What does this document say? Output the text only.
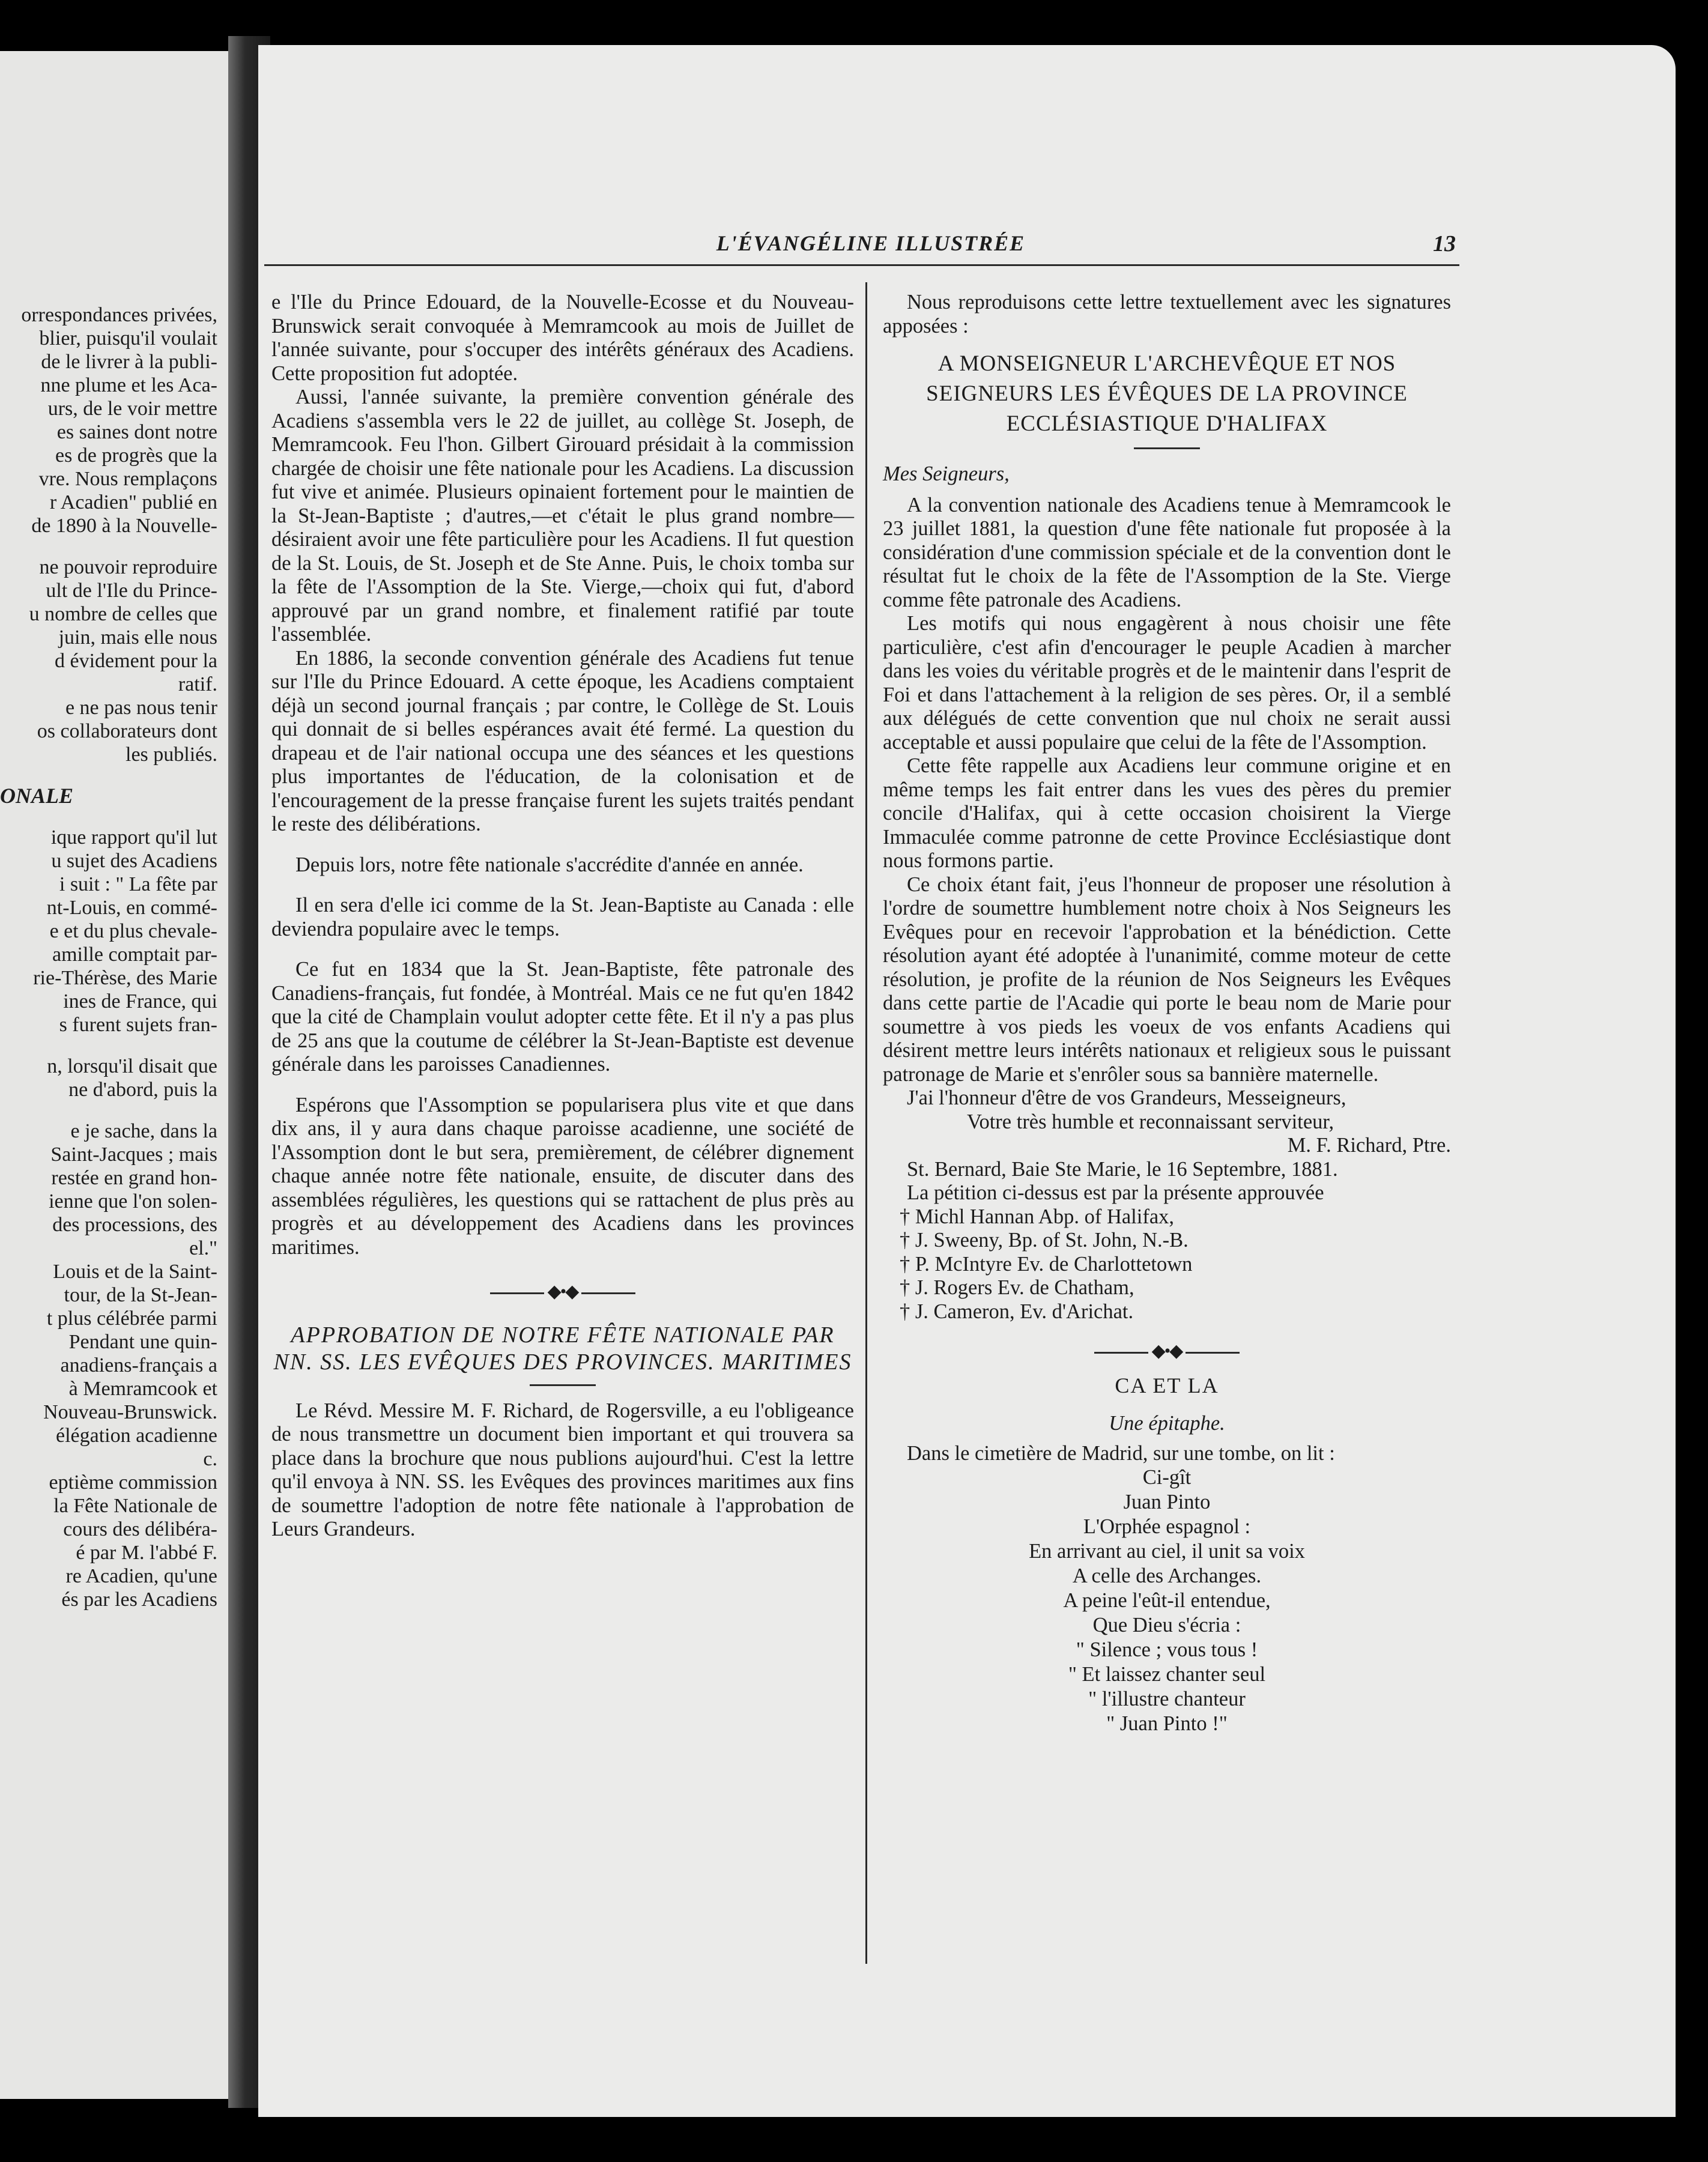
orrespondances privées,
blier, puisqu'il voulait
de le livrer à la publi-
nne plume et les Aca-
urs, de le voir mettre
es saines dont notre
es de progrès que la
vre. Nous remplaçons
r Acadien" publié en
de 1890 à la Nouvelle-
ne pouvoir reproduire
ult de l'Ile du Prince-
u nombre de celles que
juin, mais elle nous
d évidement pour la
ratif.
e ne pas nous tenir
os collaborateurs dont
les publiés.
ONALE
ique rapport qu'il lut
u sujet des Acadiens
i suit : " La fête par
nt-Louis, en commé-
e et du plus chevale-
amille comptait par-
rie-Thérèse, des Marie
ines de France, qui
s furent sujets fran-
n, lorsqu'il disait que
ne d'abord, puis la
e je sache, dans la
Saint-Jacques ; mais
restée en grand hon-
ienne que l'on solen-
des processions, des
el."
Louis et de la Saint-
tour, de la St-Jean-
t plus célébrée parmi
Pendant une quin-
anadiens-français a
à Memramcook et
Nouveau-Brunswick.
élégation acadienne
c.
eptième commission
la Fête Nationale de
cours des délibéra-
é par M. l'abbé F.
re Acadien, qu'une
és par les Acadiens
L'ÉVANGÉLINE ILLUSTRÉE	13

e l'Ile du Prince Edouard, de la Nouvelle-Ecosse et du Nouveau-Brunswick serait convoquée à Memramcook au mois de Juillet de l'année suivante, pour s'occuper des intérêts généraux des Acadiens. Cette proposition fut adoptée.

Aussi, l'année suivante, la première convention générale des Acadiens s'assembla vers le 22 de juillet, au collège St. Joseph, de Memramcook. Feu l'hon. Gilbert Girouard présidait à la commission chargée de choisir une fête nationale pour les Acadiens. La discussion fut vive et animée. Plusieurs opinaient fortement pour le maintien de la St-Jean-Baptiste ; d'autres,—et c'était le plus grand nombre—désiraient avoir une fête particulière pour les Acadiens. Il fut question de la St. Louis, de St. Joseph et de Ste Anne. Puis, le choix tomba sur la fête de l'Assomption de la Ste. Vierge,—choix qui fut, d'abord approuvé par un grand nombre, et finalement ratifié par toute l'assemblée.

En 1886, la seconde convention générale des Acadiens fut tenue sur l'Ile du Prince Edouard. A cette époque, les Acadiens comptaient déjà un second journal français ; par contre, le Collège de St. Louis qui donnait de si belles espérances avait été fermé. La question du drapeau et de l'air national occupa une des séances et les questions plus importantes de l'éducation, de la colonisation et de l'encouragement de la presse française furent les sujets traités pendant le reste des délibérations.

Depuis lors, notre fête nationale s'accrédite d'année en année.

Il en sera d'elle ici comme de la St. Jean-Baptiste au Canada : elle deviendra populaire avec le temps.

Ce fut en 1834 que la St. Jean-Baptiste, fête patronale des Canadiens-français, fut fondée, à Montréal. Mais ce ne fut qu'en 1842 que la cité de Champlain voulut adopter cette fête. Et il n'y a pas plus de 25 ans que la coutume de célébrer la St-Jean-Baptiste est devenue générale dans les paroisses Canadiennes.

Espérons que l'Assomption se popularisera plus vite et que dans dix ans, il y aura dans chaque paroisse acadienne, une société de l'Assomption dont le but sera, premièrement, de célébrer dignement chaque année notre fête nationale, ensuite, de discuter dans des assemblées régulières, les questions qui se rattachent de plus près au progrès et au développement des Acadiens dans les provinces maritimes.

◆•◆
APPROBATION DE NOTRE FÊTE NATIONALE PAR NN. SS. LES EVÊQUES DES PROVINCES. MARITIMES

Le Révd. Messire M. F. Richard, de Rogersville, a eu l'obligeance de nous transmettre un document bien important et qui trouvera sa place dans la brochure que nous publions aujourd'hui. C'est la lettre qu'il envoya à NN. SS. les Evêques des provinces maritimes aux fins de soumettre l'adoption de notre fête nationale à l'approbation de Leurs Grandeurs.

Nous reproduisons cette lettre textuellement avec les signatures apposées :

A MONSEIGNEUR L'ARCHEVÊQUE ET NOS SEIGNEURS LES ÉVÊQUES DE LA PROVINCE ECCLÉSIASTIQUE D'HALIFAX
Mes Seigneurs,

A la convention nationale des Acadiens tenue à Memramcook le 23 juillet 1881, la question d'une fête nationale fut proposée à la considération d'une commission spéciale et de la convention dont le résultat fut le choix de la fête de l'Assomption de la Ste. Vierge comme fête patronale des Acadiens.

Les motifs qui nous engagèrent à nous choisir une fête particulière, c'est afin d'encourager le peuple Acadien à marcher dans les voies du véritable progrès et de le maintenir dans l'esprit de Foi et dans l'attachement à la religion de ses pères. Or, il a semblé aux délégués de cette convention que nul choix ne serait aussi acceptable et aussi populaire que celui de la fête de l'Assomption.

Cette fête rappelle aux Acadiens leur commune origine et en même temps les fait entrer dans les vues des pères du premier concile d'Halifax, qui à cette occasion choisirent la Vierge Immaculée comme patronne de cette Province Ecclésiastique dont nous formons partie.

Ce choix étant fait, j'eus l'honneur de proposer une résolution à l'ordre de soumettre humblement notre choix à Nos Seigneurs les Evêques pour en recevoir l'approbation et la bénédiction. Cette résolution ayant été adoptée à l'unanimité, comme moteur de cette résolution, je profite de la réunion de Nos Seigneurs les Evêques dans cette partie de l'Acadie qui porte le beau nom de Marie pour soumettre à vos pieds les voeux de vos enfants Acadiens qui désirent mettre leurs intérêts nationaux et religieux sous le puissant patronage de Marie et s'enrôler sous sa bannière maternelle.

J'ai l'honneur d'être de vos Grandeurs, Messeigneurs,

Votre très humble et reconnaissant serviteur,

M. F. Richard, Ptre.

St. Bernard, Baie Ste Marie, le 16 Septembre, 1881.

La pétition ci-dessus est par la présente approuvée

† Michl Hannan Abp. of Halifax,
† J. Sweeny, Bp. of St. John, N.-B.
† P. McIntyre Ev. de Charlottetown
† J. Rogers Ev. de Chatham,
† J. Cameron, Ev. d'Arichat.
◆•◆
CA ET LA
Une épitaphe.

Dans le cimetière de Madrid, sur une tombe, on lit :

Ci-gît
Juan Pinto
L'Orphée espagnol :
En arrivant au ciel, il unit sa voix
A celle des Archanges.
A peine l'eût-il entendue,
Que Dieu s'écria :
" Silence ; vous tous !
" Et laissez chanter seul
" l'illustre chanteur
" Juan Pinto !"
